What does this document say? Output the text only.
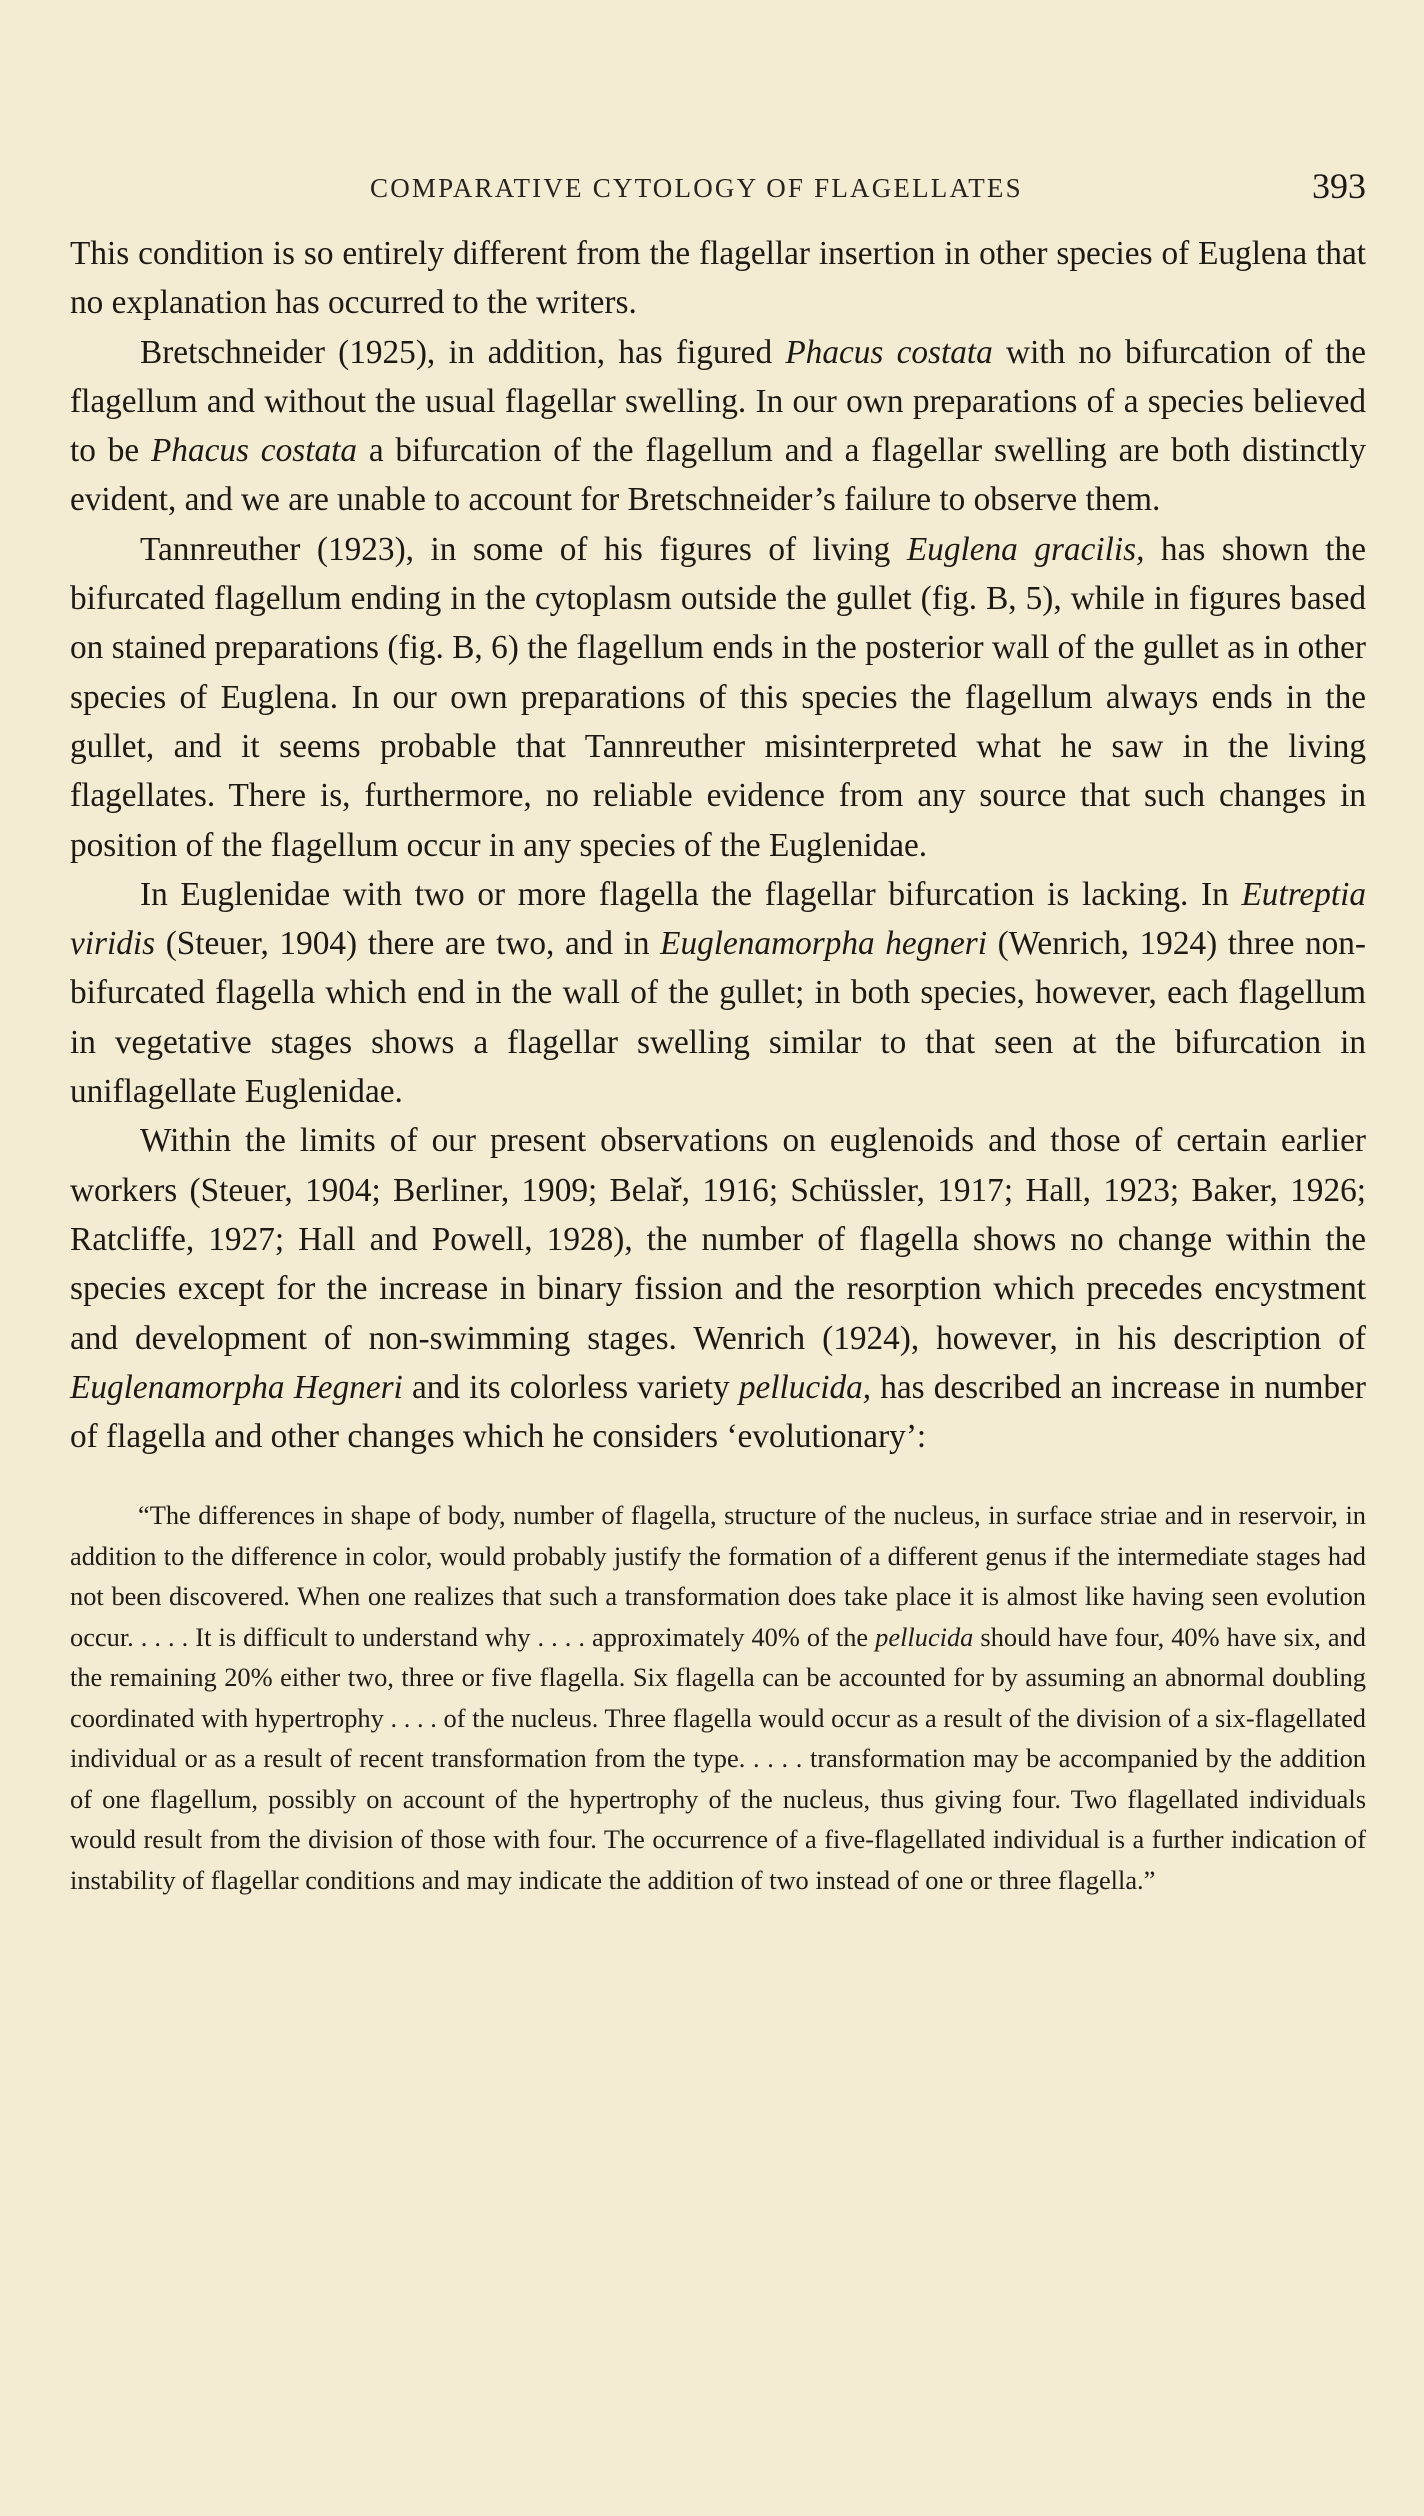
COMPARATIVE CYTOLOGY OF FLAGELLATES	393

This condition is so entirely different from the flagellar insertion in other species of Euglena that no explanation has occurred to the writers.

Bretschneider (1925), in addition, has figured Phacus costata with no bifurcation of the flagellum and without the usual flagellar swelling. In our own preparations of a species believed to be Phacus costata a bifurcation of the flagellum and a flagellar swelling are both distinctly evident, and we are unable to account for Bretschneider’s failure to observe them.

Tannreuther (1923), in some of his figures of living Euglena gracilis, has shown the bifurcated flagellum ending in the cytoplasm outside the gullet (fig. B, 5), while in figures based on stained preparations (fig. B, 6) the flagellum ends in the posterior wall of the gullet as in other species of Euglena. In our own preparations of this species the flagellum always ends in the gullet, and it seems probable that Tannreuther misinterpreted what he saw in the living flagellates. There is, furthermore, no reliable evidence from any source that such changes in position of the flagellum occur in any species of the Euglenidae.

In Euglenidae with two or more flagella the flagellar bifurcation is lacking. In Eutreptia viridis (Steuer, 1904) there are two, and in Euglenamorpha hegneri (Wenrich, 1924) three non-bifurcated flagella which end in the wall of the gullet; in both species, however, each flagellum in vegetative stages shows a flagellar swelling similar to that seen at the bifurcation in uniflagellate Euglenidae.

Within the limits of our present observations on euglenoids and those of certain earlier workers (Steuer, 1904; Berliner, 1909; Belař, 1916; Schüssler, 1917; Hall, 1923; Baker, 1926; Ratcliffe, 1927; Hall and Powell, 1928), the number of flagella shows no change within the species except for the increase in binary fission and the resorption which precedes encystment and development of non-swimming stages. Wenrich (1924), however, in his description of Euglenamorpha Hegneri and its colorless variety pellucida, has described an increase in number of flagella and other changes which he considers ‘evolutionary’:

“The differences in shape of body, number of flagella, structure of the nucleus, in surface striae and in reservoir, in addition to the difference in color, would probably justify the formation of a different genus if the intermediate stages had not been discovered. When one realizes that such a transformation does take place it is almost like having seen evolution occur. . . . . It is difficult to understand why . . . . approximately 40% of the pellucida should have four, 40% have six, and the remaining 20% either two, three or five flagella. Six flagella can be accounted for by assuming an abnormal doubling coordinated with hypertrophy . . . . of the nucleus. Three flagella would occur as a result of the division of a six-flagellated individual or as a result of recent transformation from the type. . . . . transformation may be accompanied by the addition of one flagellum, possibly on account of the hypertrophy of the nucleus, thus giving four. Two flagellated individuals would result from the division of those with four. The occurrence of a five-flagellated individual is a further indication of instability of flagellar conditions and may indicate the addition of two instead of one or three flagella.”
